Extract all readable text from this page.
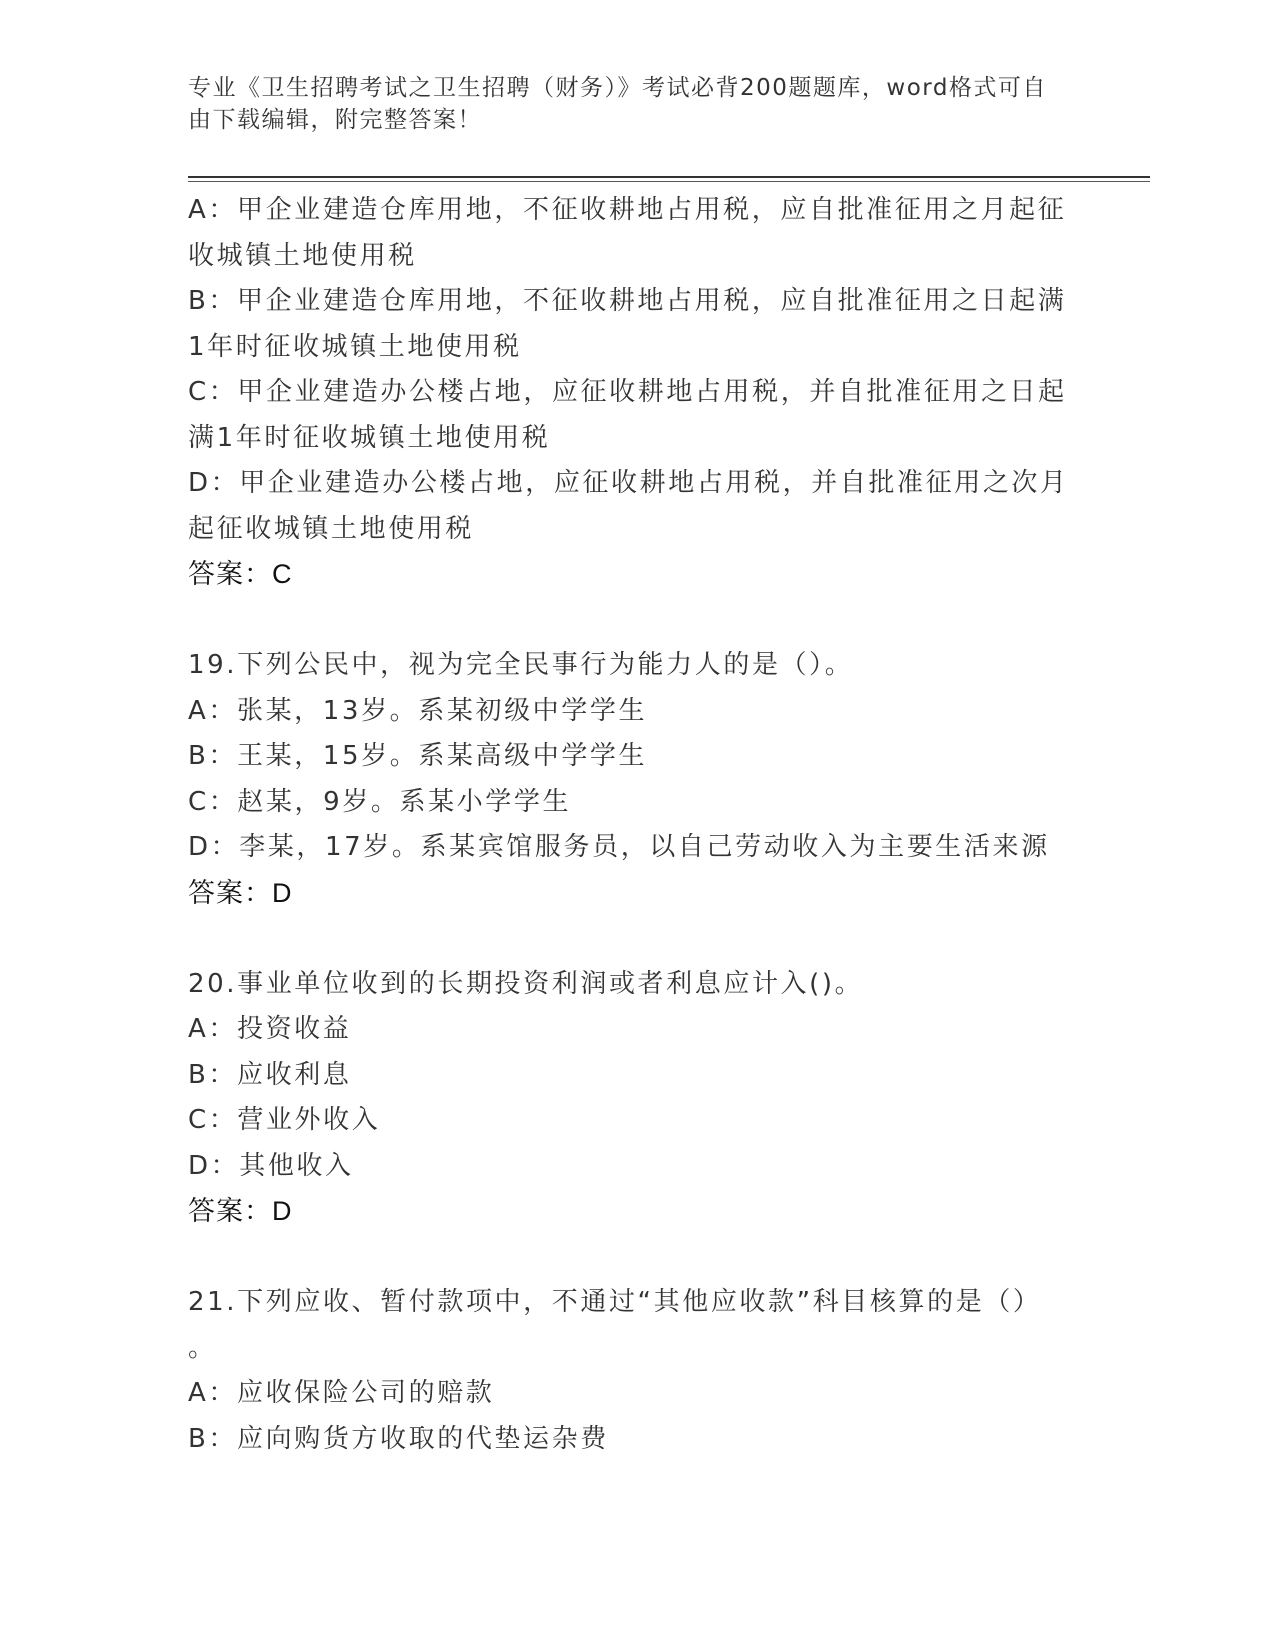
专业《卫生招聘考试之卫生招聘（财务）》考试必背200题题库，word格式可自
由下载编辑，附完整答案！
A：甲企业建造仓库用地，不征收耕地占用税，应自批准征用之月起征
收城镇土地使用税
B：甲企业建造仓库用地，不征收耕地占用税，应自批准征用之日起满
1年时征收城镇土地使用税
C：甲企业建造办公楼占地，应征收耕地占用税，并自批准征用之日起
满1年时征收城镇土地使用税
D：甲企业建造办公楼占地，应征收耕地占用税，并自批准征用之次月
起征收城镇土地使用税
答案：C
19.下列公民中，视为完全民事行为能力人的是（）。
A：张某，13岁。系某初级中学学生
B：王某，15岁。系某高级中学学生
C：赵某，9岁。系某小学学生
D：李某，17岁。系某宾馆服务员，以自己劳动收入为主要生活来源
答案：D
20.事业单位收到的长期投资利润或者利息应计入()。
A：投资收益
B：应收利息
C：营业外收入
D：其他收入
答案：D
21.下列应收、暂付款项中，不通过“其他应收款”科目核算的是（）
。
A：应收保险公司的赔款
B：应向购货方收取的代垫运杂费
